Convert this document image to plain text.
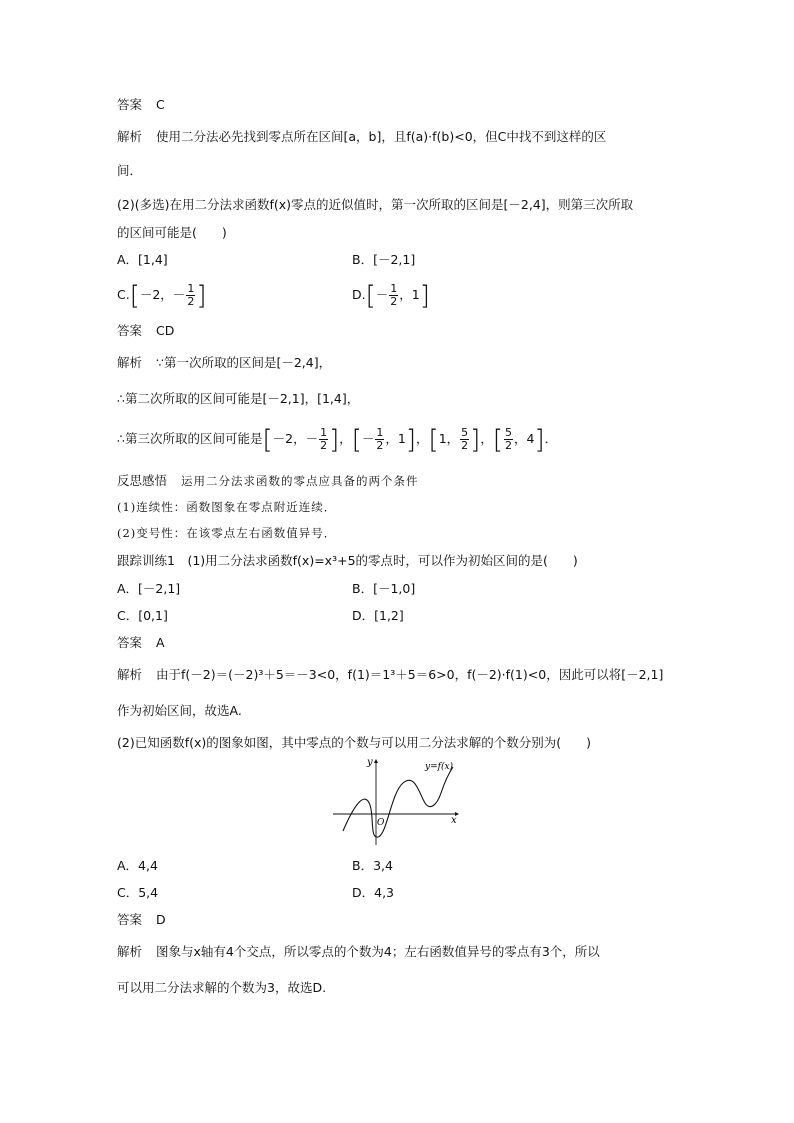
答案 C
解析 使用二分法必先找到零点所在区间[a，b]，且f(a)·f(b)<0，但C中找不到这样的区
间．
(2)(多选)在用二分法求函数f(x)零点的近似值时，第一次所取的区间是[－2,4]，则第三次所取
的区间可能是(　　)
A．[1,4]	B．[－2,1]
C.[－2，－ $\frac{1}{2}$ ]	$D.[- \frac{1}{2}$ ，1]
答案 CD
解析 ∵第一次所取的区间是[－2,4]，
∴第二次所取的区间可能是[－2,1]，[1,4]，
∴第三次所取的区间可能是[－2，－ $\frac{1}{2}$ ]，[－ $\frac{1}{2}$ ，1]，[1， $\frac{5}{2}$ ]，[ $\frac{5}{2}$ ，4]．
反思感悟 运用二分法求函数的零点应具备的两个条件
(1)连续性：函数图象在零点附近连续．
(2)变号性：在该零点左右函数值异号．
跟踪训练1　(1)用二分法求函数f(x)=x³+5的零点时，可以作为初始区间的是(　　)
A．[－2,1]	B．[－1,0]
C．[0,1]	D．[1,2]
答案 A
解析 由于f(－2)＝(－2)³＋5＝－3<0，f(1)＝1³＋5＝6>0，f(－2)·f(1)<0，因此可以将[－2,1]
作为初始区间，故选A.
(2)已知函数f(x)的图象如图，其中零点的个数与可以用二分法求解的个数分别为(　　)
y
x
O
y=f(x)
A．4,4	B．3,4
C．5,4	D．4,3
答案 D
解析 图象与x轴有4个交点，所以零点的个数为4；左右函数值异号的零点有3个，所以
可以用二分法求解的个数为3，故选D.
